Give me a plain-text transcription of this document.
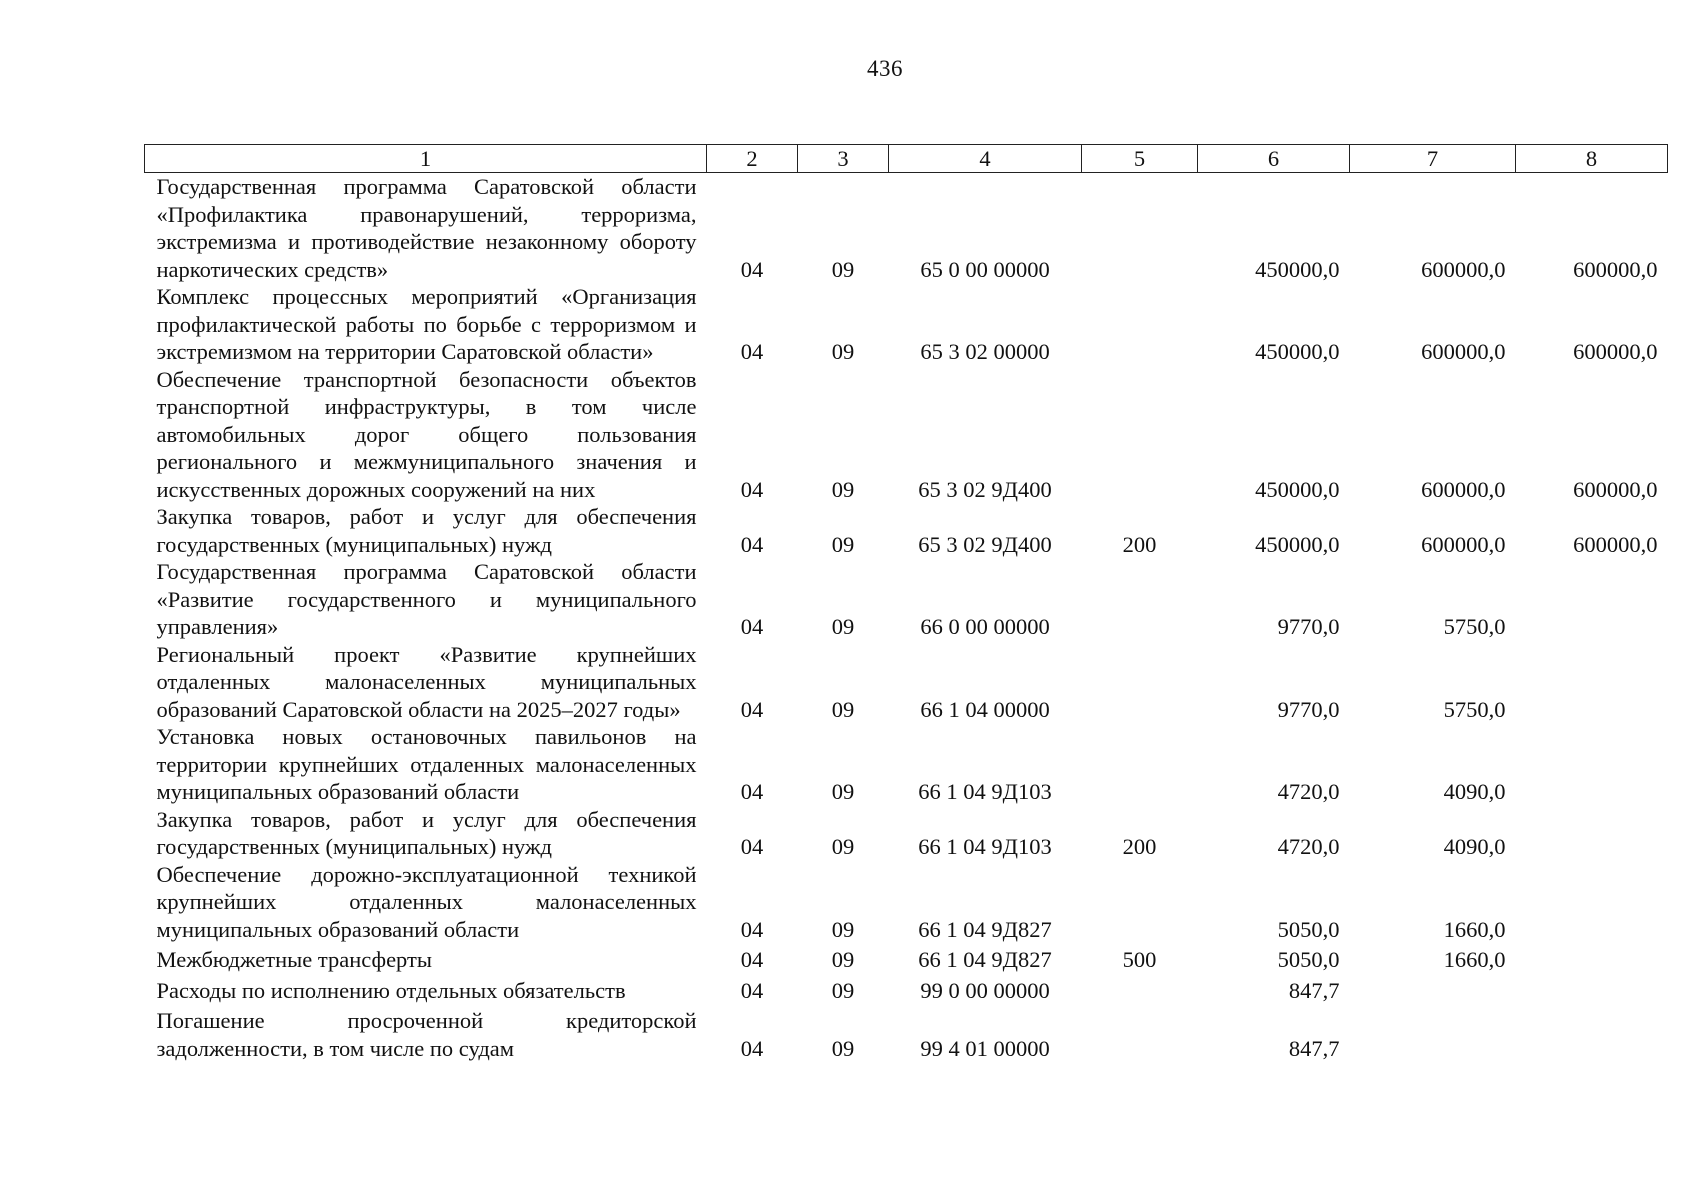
436
1	2	3	4	5	6	7	8
Государственная программа Саратовской области «Профилактика правонарушений, терроризма, экстремизма и противодействие незаконному обороту наркотических средств»	04	09	65 0 00 00000		450000,0	600000,0	600000,0
Комплекс процессных мероприятий «Организация профилактической работы по борьбе с терроризмом и экстремизмом на территории Саратовской области»	04	09	65 3 02 00000		450000,0	600000,0	600000,0
Обеспечение транспортной безопасности объектов транспортной инфраструктуры, в том числе автомобильных дорог общего пользования регионального и межмуниципального значения и искусственных дорожных сооружений на них	04	09	65 3 02 9Д400		450000,0	600000,0	600000,0
Закупка товаров, работ и услуг для обеспечения государственных (муниципальных) нужд	04	09	65 3 02 9Д400	200	450000,0	600000,0	600000,0
Государственная программа Саратовской области «Развитие государственного и муниципального управления»	04	09	66 0 00 00000		9770,0	5750,0	
Региональный проект «Развитие крупнейших отдаленных малонаселенных муниципальных образований Саратовской области на 2025–2027 годы»	04	09	66 1 04 00000		9770,0	5750,0	
Установка новых остановочных павильонов на территории крупнейших отдаленных малонаселенных муниципальных образований области	04	09	66 1 04 9Д103		4720,0	4090,0	
Закупка товаров, работ и услуг для обеспечения государственных (муниципальных) нужд	04	09	66 1 04 9Д103	200	4720,0	4090,0	
Обеспечение дорожно-эксплуатационной техникой крупнейших отдаленных малонаселенных муниципальных образований области	04	09	66 1 04 9Д827		5050,0	1660,0	
Межбюджетные трансферты	04	09	66 1 04 9Д827	500	5050,0	1660,0	
Расходы по исполнению отдельных обязательств	04	09	99 0 00 00000		847,7		
Погашение просроченной кредиторской задолженности, в том числе по судам	04	09	99 4 01 00000		847,7		
